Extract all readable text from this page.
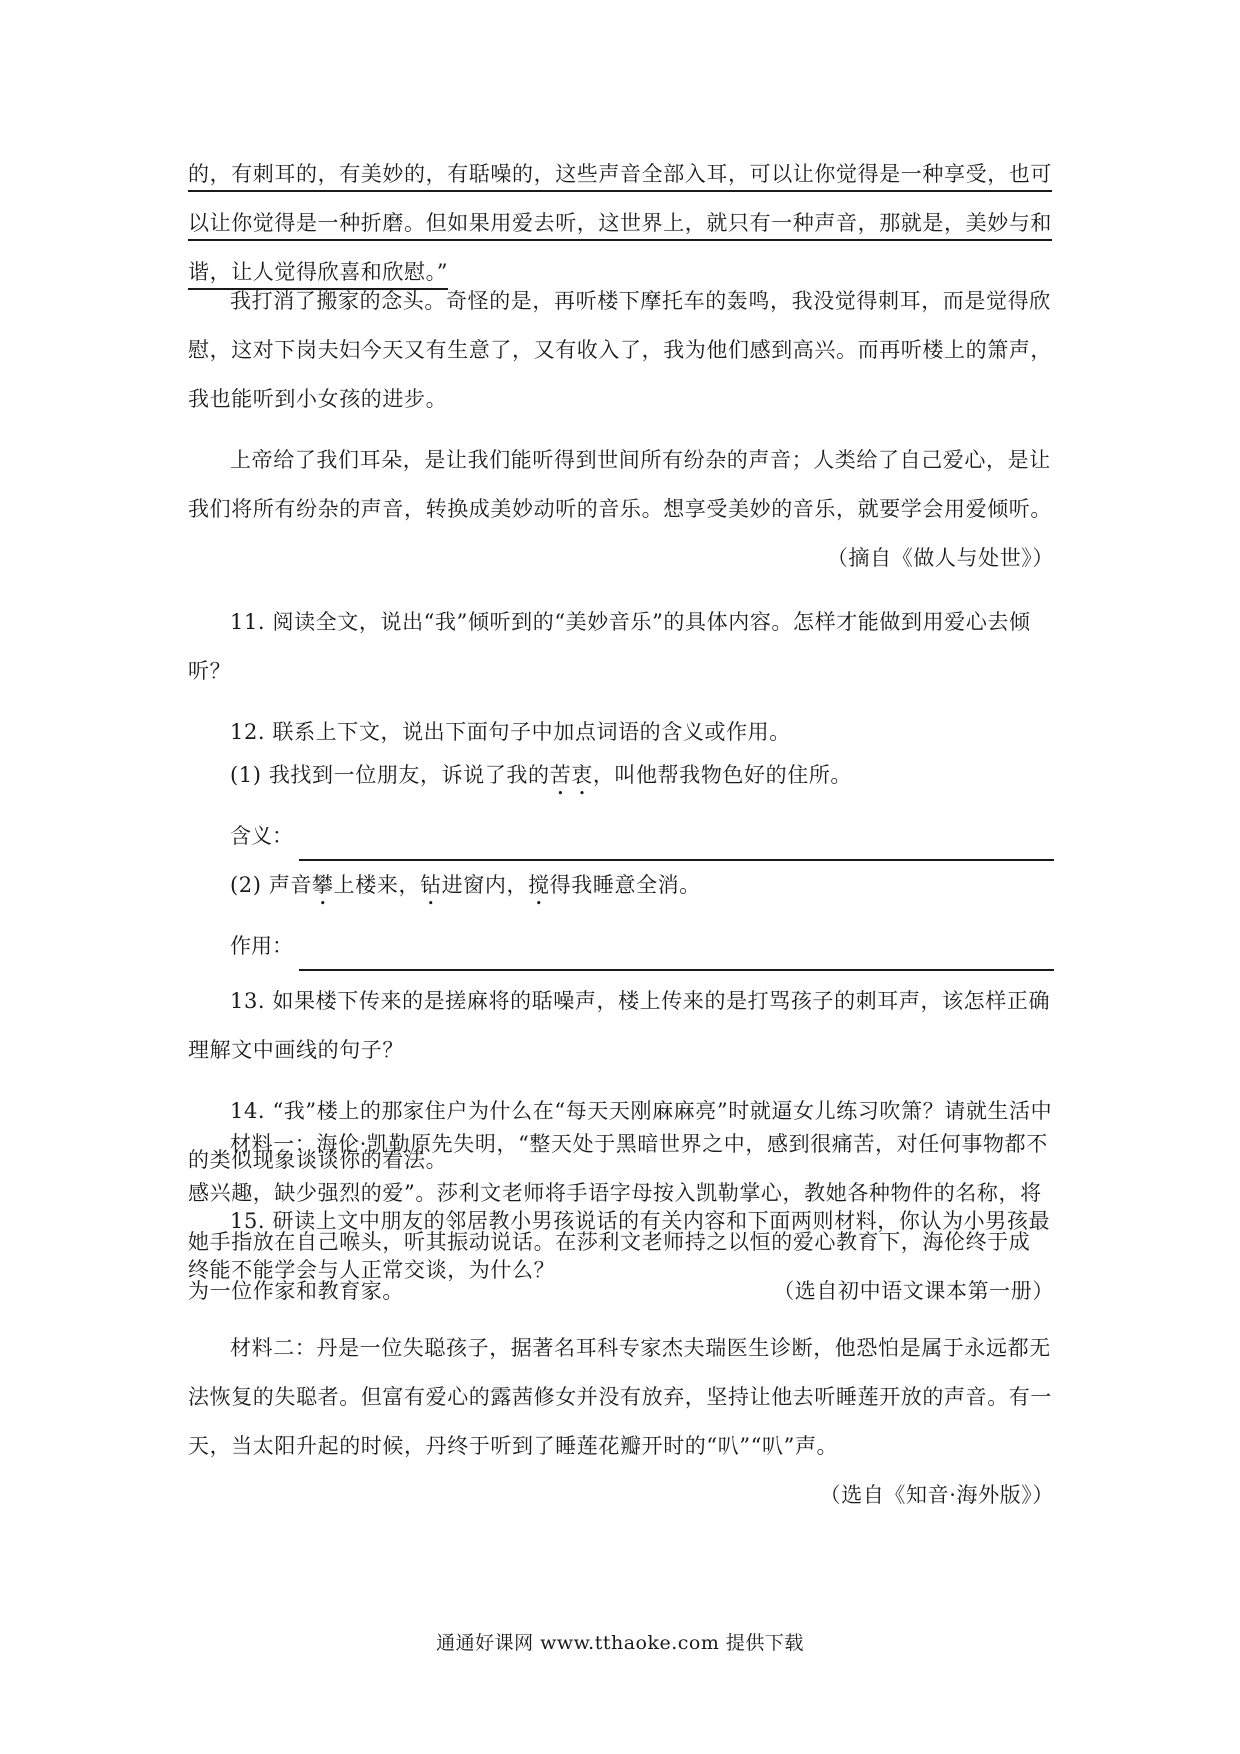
的，有刺耳的，有美妙的，有聒噪的，这些声音全部入耳，可以让你觉得是一种享受，也可

以让你觉得是一种折磨。但如果用爱去听，这世界上，就只有一种声音，那就是，美妙与和

谐，让人觉得欣喜和欣慰。”

我打消了搬家的念头。奇怪的是，再听楼下摩托车的轰鸣，我没觉得刺耳，而是觉得欣慰，这对下岗夫妇今天又有生意了，又有收入了，我为他们感到高兴。而再听楼上的箫声，我也能听到小女孩的进步。

上帝给了我们耳朵，是让我们能听得到世间所有纷杂的声音；人类给了自己爱心，是让我们将所有纷杂的声音，转换成美妙动听的音乐。想享受美妙的音乐，就要学会用爱倾听。

（摘自《做人与处世》）

11. 阅读全文，说出“我”倾听到的“美妙音乐”的具体内容。怎样才能做到用爱心去倾听？

12. 联系上下文，说出下面句子中加点词语的含义或作用。

(1) 我找到一位朋友，诉说了我的苦衷，叫他帮我物色好的住所。

含义：

(2) 声音攀上楼来，钻进窗内，搅得我睡意全消。

作用：

13. 如果楼下传来的是搓麻将的聒噪声，楼上传来的是打骂孩子的刺耳声，该怎样正确理解文中画线的句子？

14. “我”楼上的那家住户为什么在“每天天刚麻麻亮”时就逼女儿练习吹箫？请就生活中的类似现象谈谈你的看法。

15. 研读上文中朋友的邻居教小男孩说话的有关内容和下面两则材料，你认为小男孩最终能不能学会与人正常交谈，为什么？

材料一：海伦·凯勒原先失明，“整天处于黑暗世界之中，感到很痛苦，对任何事物都不感兴趣，缺少强烈的爱”。莎利文老师将手语字母按入凯勒掌心，教她各种物件的名称，将她手指放在自己喉头，听其振动说话。在莎利文老师持之以恒的爱心教育下，海伦终于成

为一位作家和教育家。	（选自初中语文课本第一册）

材料二：丹是一位失聪孩子，据著名耳科专家杰夫瑞医生诊断，他恐怕是属于永远都无法恢复的失聪者。但富有爱心的露茜修女并没有放弃，坚持让他去听睡莲开放的声音。有一天，当太阳升起的时候，丹终于听到了睡莲花瓣开时的“叭”“叭”声。

（选自《知音·海外版》）

通通好课网 www.tthaoke.com 提供下载
